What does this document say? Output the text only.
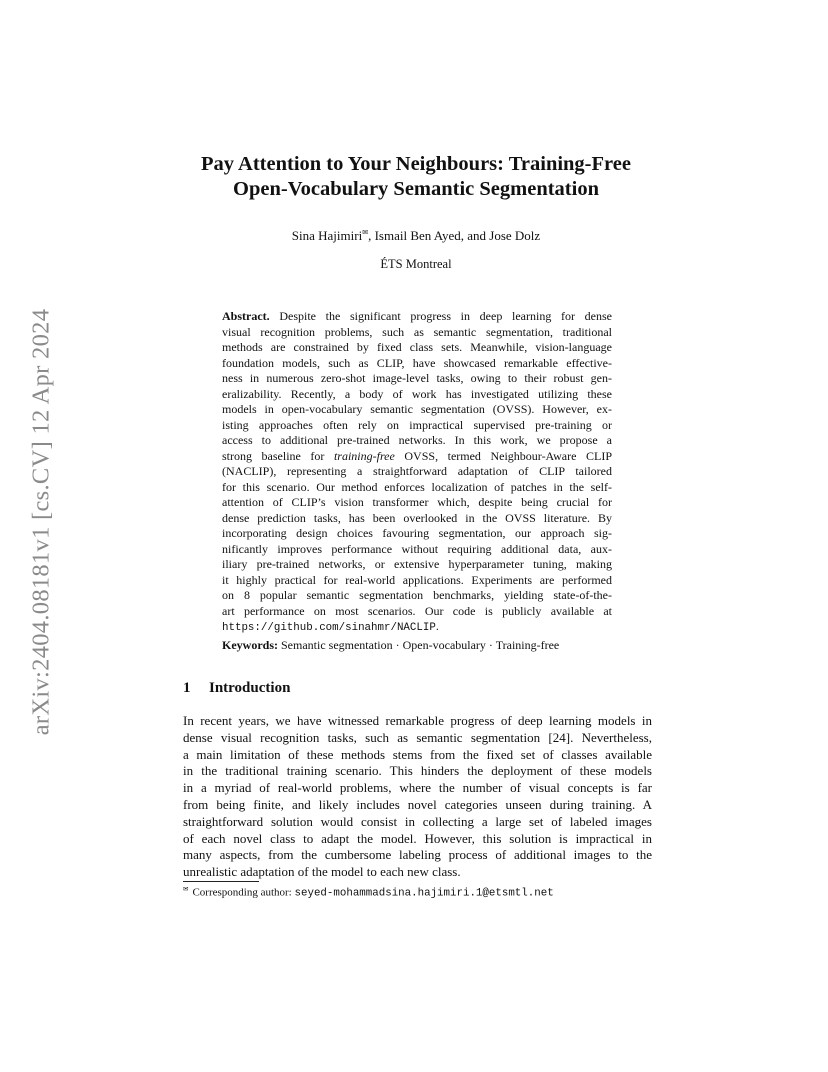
arXiv:2404.08181v1 [cs.CV] 12 Apr 2024
Pay Attention to Your Neighbours: Training-Free
Open-Vocabulary Semantic Segmentation
Sina Hajimiri✉, Ismail Ben Ayed, and Jose Dolz
ÉTS Montreal
Abstract. Despite the significant progress in deep learning for dense
visual recognition problems, such as semantic segmentation, traditional
methods are constrained by fixed class sets. Meanwhile, vision-language
foundation models, such as CLIP, have showcased remarkable effective-
ness in numerous zero-shot image-level tasks, owing to their robust gen-
eralizability. Recently, a body of work has investigated utilizing these
models in open-vocabulary semantic segmentation (OVSS). However, ex-
isting approaches often rely on impractical supervised pre-training or
access to additional pre-trained networks. In this work, we propose a
strong baseline for training-free OVSS, termed Neighbour-Aware CLIP
(NACLIP), representing a straightforward adaptation of CLIP tailored
for this scenario. Our method enforces localization of patches in the self-
attention of CLIP’s vision transformer which, despite being crucial for
dense prediction tasks, has been overlooked in the OVSS literature. By
incorporating design choices favouring segmentation, our approach sig-
nificantly improves performance without requiring additional data, aux-
iliary pre-trained networks, or extensive hyperparameter tuning, making
it highly practical for real-world applications. Experiments are performed
on 8 popular semantic segmentation benchmarks, yielding state-of-the-
art performance on most scenarios. Our code is publicly available at
https://github.com/sinahmr/NACLIP.
Keywords: Semantic segmentation · Open-vocabulary · Training-free
1 Introduction
In recent years, we have witnessed remarkable progress of deep learning models in
dense visual recognition tasks, such as semantic segmentation [24]. Nevertheless,
a main limitation of these methods stems from the fixed set of classes available
in the traditional training scenario. This hinders the deployment of these models
in a myriad of real-world problems, where the number of visual concepts is far
from being finite, and likely includes novel categories unseen during training. A
straightforward solution would consist in collecting a large set of labeled images
of each novel class to adapt the model. However, this solution is impractical in
many aspects, from the cumbersome labeling process of additional images to the
unrealistic adaptation of the model to each new class.
✉ Corresponding author: seyed-mohammadsina.hajimiri.1@etsmtl.net
